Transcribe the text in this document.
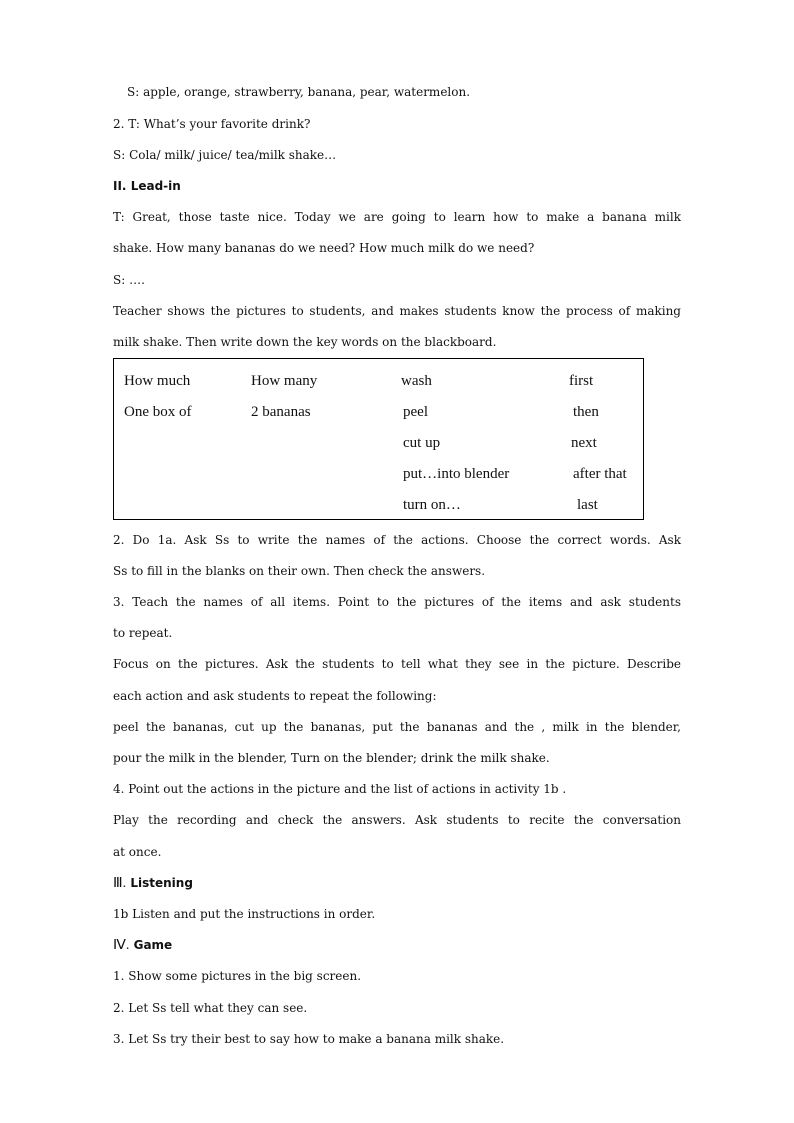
S: apple, orange, strawberry, banana, pear, watermelon.
2. T: What’s your favorite drink?
S: Cola/ milk/ juice/ tea/milk shake…
II. Lead-in
T: Great, those taste nice. Today we are going to learn how to make a banana milk
shake. How many bananas do we need? How much milk do we need?
S: ….
Teacher shows the pictures to students, and makes students know the process of making
milk shake. Then write down the key words on the blackboard.
How much
One box of
How many
2 bananas
wash
peel
cut up
put…into blender
turn on…
first
then
next
after that
last
2. Do 1a. Ask Ss to write the names of the actions. Choose the correct words. Ask
Ss to fill in the blanks on their own. Then check the answers.
3. Teach the names of all items. Point to the pictures of the items and ask students
to repeat.
Focus on the pictures. Ask the students to tell what they see in the picture. Describe
each action and ask students to repeat the following:
peel the bananas, cut up the bananas, put the bananas and the , milk in the blender,
pour the milk in the blender, Turn on the blender; drink the milk shake.
4. Point out the actions in the picture and the list of actions in activity 1b .
Play the recording and check the answers. Ask students to recite the conversation
at once.
Ⅲ. Listening
1b Listen and put the instructions in order.
Ⅳ. Game
1. Show some pictures in the big screen.
2. Let Ss tell what they can see.
3. Let Ss try their best to say how to make a banana milk shake.
